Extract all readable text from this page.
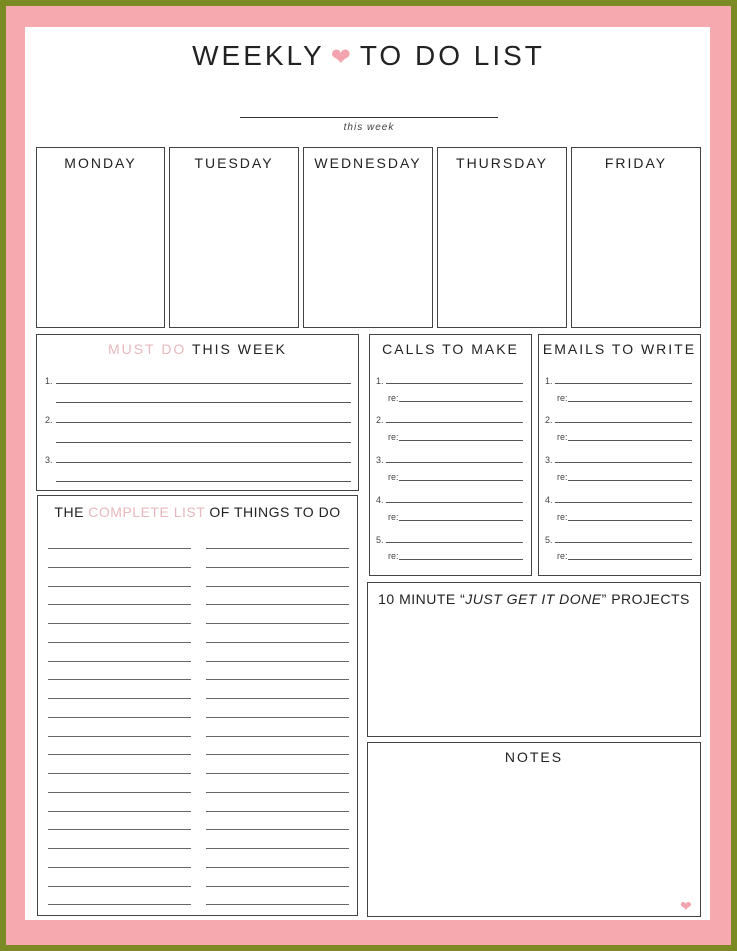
WEEKLY ❤ TO DO LIST
this week
MONDAY	TUESDAY	WEDNESDAY	THURSDAY	FRIDAY
MUST DO THIS WEEK
1.
2.
3.
CALLS TO MAKE
1.
re:
2.
re:
3.
re:
4.
re:
5.
re:
EMAILS TO WRITE
1.
re:
2.
re:
3.
re:
4.
re:
5.
re:
THE COMPLETE LIST OF THINGS TO DO
10 MINUTE “JUST GET IT DONE” PROJECTS
NOTES
❤
